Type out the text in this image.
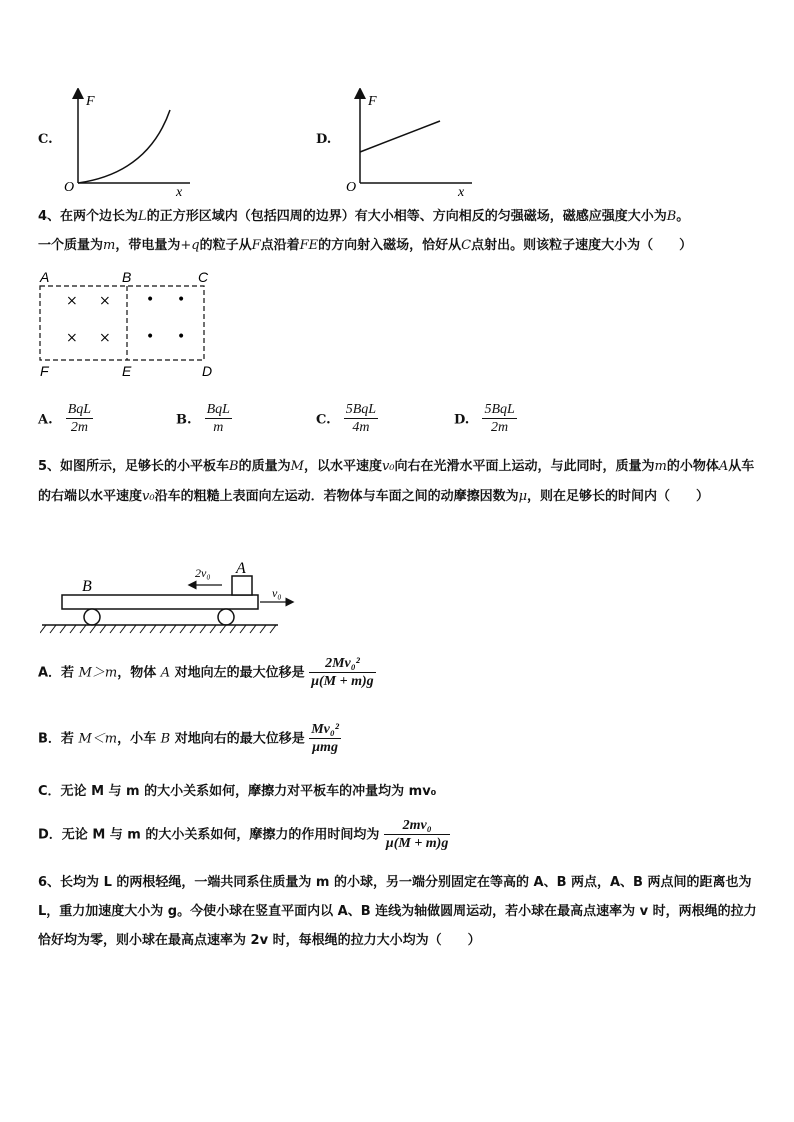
C.
F
x
O
D.
F
x
O
4、在两个边长为L的正方形区域内（包括四周的边界）有大小相等、方向相反的匀强磁场，磁感应强度大小为B。
一个质量为m，带电量为+q的粒子从F点沿着FE的方向射入磁场，恰好从C点射出。则该粒子速度大小为（　　）
A	B	C
D
E
F
× ×
× ×
• •
• •
A. $\frac{\text{BqL}}{2m}$	B. $\frac{\text{BqL}}{m}$	C. $\frac{\text{5BqL}}{4m}$	D. $\frac{\text{5BqL}}{2m}$
5、如图所示，足够长的小平板车B的质量为M，以水平速度v₀向右在光滑水平面上运动，与此同时，质量为m的小物体A从车的右端以水平速度v₀沿车的粗糙上表面向左运动．若物体与车面之间的动摩擦因数为μ，则在足够长的时间内（　　）
B
A
2v₀
v₀
A．若 M＞m，物体 A 对地向左的最大位移是 $\frac{\text{2Mv₀²}}{\mu(M + m)g}$
B．若 M＜m，小车 B 对地向右的最大位移是 $\frac{\text{Mv₀²}}{\text{μmg}}$
C．无论 M 与 m 的大小关系如何，摩擦力对平板车的冲量均为 mv₀
D．无论 M 与 m 的大小关系如何，摩擦力的作用时间均为 $\frac{\text{2mv₀}}{\mu(M + m)g}$
6、长均为 L 的两根轻绳，一端共同系住质量为 m 的小球，另一端分别固定在等高的 A、B 两点，A、B 两点间的距离也为 L，重力加速度大小为 g。今使小球在竖直平面内以 A、B 连线为轴做圆周运动，若小球在最高点速率为 v 时，两根绳的拉力恰好均为零，则小球在最高点速率为 2v 时，每根绳的拉力大小均为（　　）
